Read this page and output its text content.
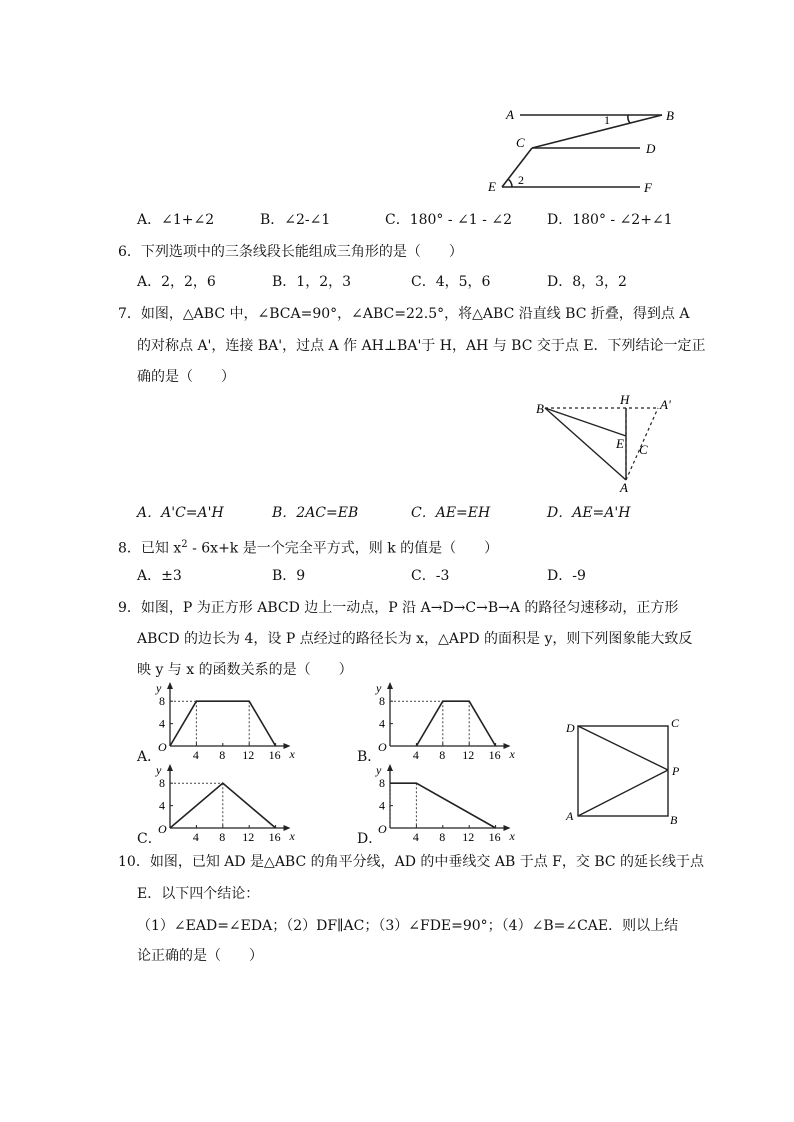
A	B
C	D
E	F
1
2
A．∠1+∠2	B．∠2-∠1	C．180° - ∠1 - ∠2	D．180° - ∠2+∠1
6．下列选项中的三条线段长能组成三角形的是（　　）
A．2，2，6	B．1，2，3	C．4，5，6	D．8，3，2
7．如图，△ABC 中，∠BCA=90°，∠ABC=22.5°，将△ABC 沿直线 BC 折叠，得到点 A
的对称点 A'，连接 BA'，过点 A 作 AH⊥BA'于 H，AH 与 BC 交于点 E．下列结论一定正
确的是（　　）
B
H A'
E C
A
A．A'C=A'H	B．2AC=EB	C．AE=EH	D．AE=A'H
8．已知 $x^2 - 6x+k$ 是一个完全平方式，则 k 的值是（　　）
A．±3	B．9	C．-3	D．-9
9．如图，P 为正方形 ABCD 边上一动点，P 沿 A→D→C→B→A 的路径匀速移动，正方形
ABCD 的边长为 4，设 P 点经过的路径长为 x，△APD 的面积是 y，则下列图象能大致反
映 y 与 x 的函数关系的是（　　）
A．	B．
C．	D．
y
x
O
8
4
4 8 12 16
y
x
O
8
4
4 8 12 16
y
x
O
8
4
4 8 12 16
y
x
O
8
4
4 8 12 16
D	C
P
A	B
10．如图，已知 AD 是△ABC 的角平分线，AD 的中垂线交 AB 于点 F，交 BC 的延长线于点
E．以下四个结论：
（1）∠EAD=∠EDA；（2）DF∥AC；（3）∠FDE=90°；（4）∠B=∠CAE．则以上结
论正确的是（　　）
